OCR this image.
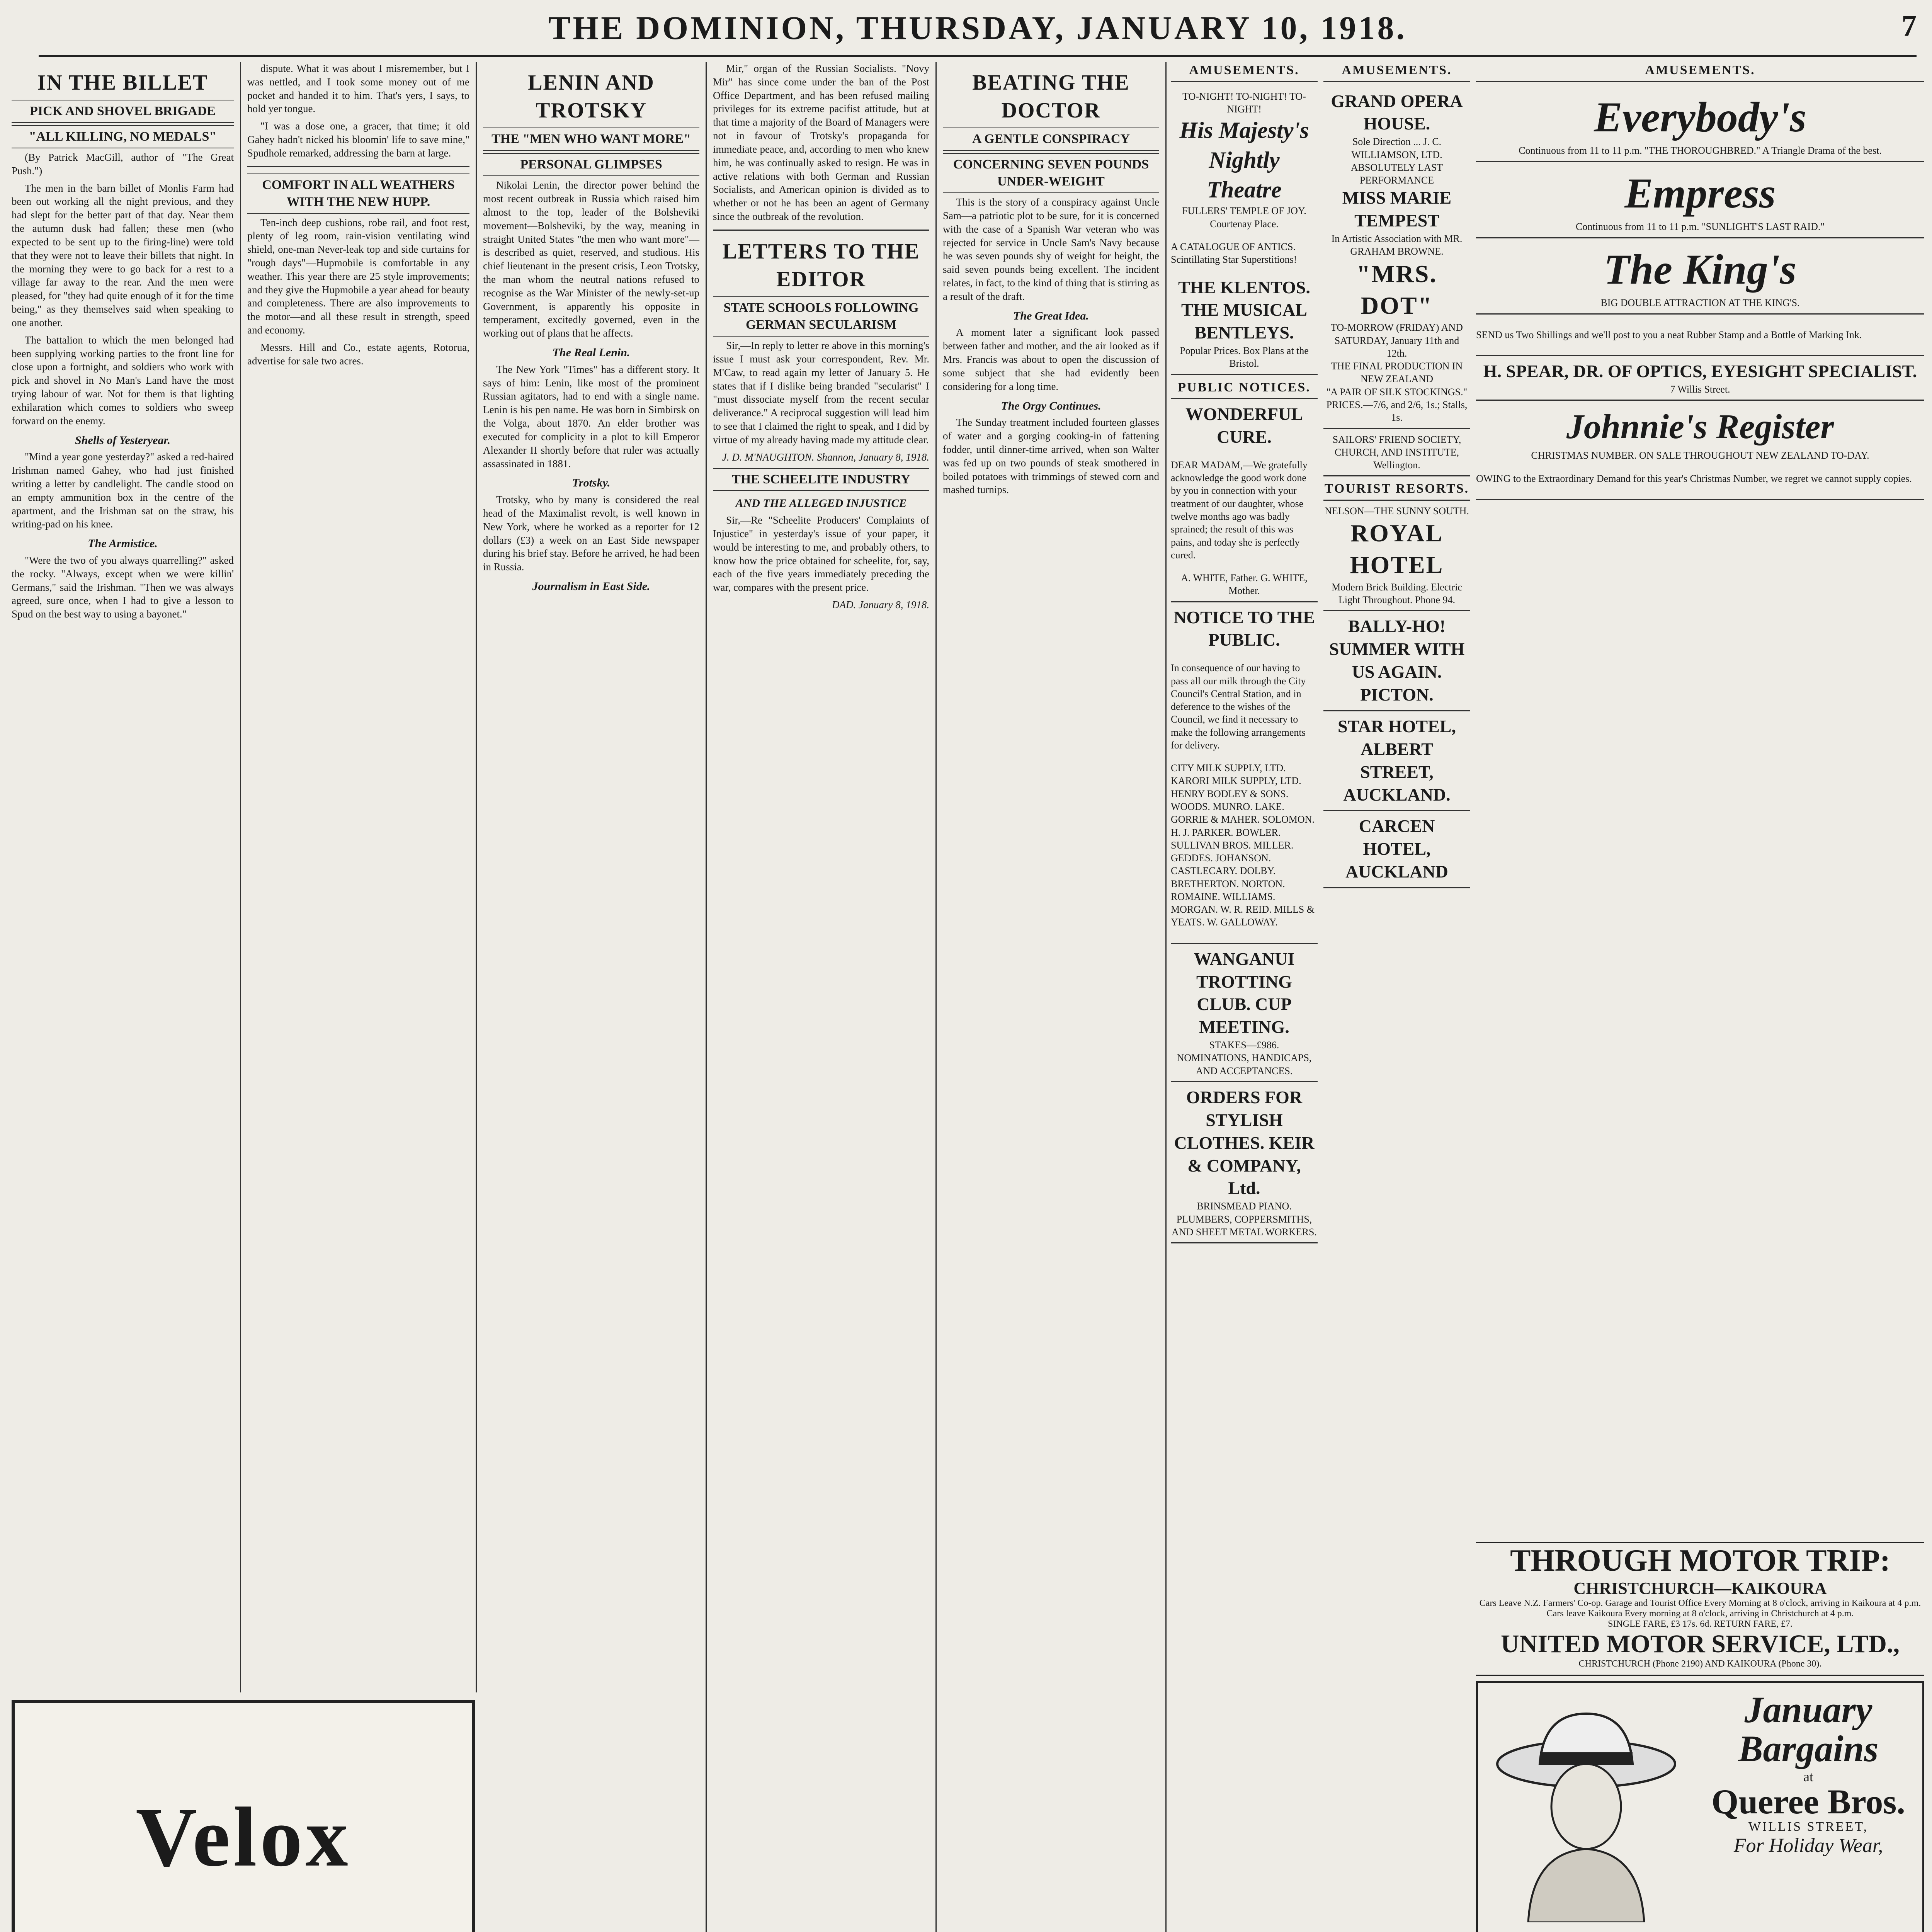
THE DOMINION, THURSDAY, JANUARY 10, 1918.	7
IN THE BILLET
PICK AND SHOVEL BRIGADE
"ALL KILLING, NO MEDALS"

(By Patrick MacGill, author of "The Great Push.")

The men in the barn billet of Monlis Farm had been out working all the night previous, and they had slept for the better part of that day. Near them the autumn dusk had fallen; these men (who expected to be sent up to the firing-line) were told that they were not to leave their billets that night. In the morning they were to go back for a rest to a village far away to the rear. And the men were pleased, for "they had quite enough of it for the time being," as they themselves said when speaking to one another.

The battalion to which the men belonged had been supplying working parties to the front line for close upon a fortnight, and soldiers who work with pick and shovel in No Man's Land have the most trying labour of war. Not for them is that lighting exhilaration which comes to soldiers who sweep forward on the enemy.

Shells of Yesteryear.

"Mind a year gone yesterday?" asked a red-haired Irishman named Gahey, who had just finished writing a letter by candlelight. The candle stood on an empty ammunition box in the centre of the apartment, and the Irishman sat on the straw, his writing-pad on his knee.

The Armistice.

"Were the two of you always quarrelling?" asked the rocky. "Always, except when we were killin' Germans," said the Irishman. "Then we was always agreed, sure once, when I had to give a lesson to Spud on the best way to using a bayonet."

dispute. What it was about I misremember, but I was nettled, and I took some money out of me pocket and handed it to him. That's yers, I says, to hold yer tongue.

"I was a dose one, a gracer, that time; it old Gahey hadn't nicked his bloomin' life to save mine," Spudhole remarked, addressing the barn at large.

COMFORT IN ALL WEATHERS WITH THE NEW HUPP.

Ten-inch deep cushions, robe rail, and foot rest, plenty of leg room, rain-vision ventilating wind shield, one-man Never-leak top and side curtains for "rough days"—Hupmobile is comfortable in any weather. This year there are 25 style improvements; and they give the Hupmobile a year ahead for beauty and completeness. There are also improvements to the motor—and all these result in strength, speed and economy.

Messrs. Hill and Co., estate agents, Rotorua, advertise for sale two acres.

Velox

LENIN AND TROTSKY
THE "MEN WHO WANT MORE"
PERSONAL GLIMPSES

Nikolai Lenin, the director power behind the most recent outbreak in Russia which raised him almost to the top, leader of the Bolsheviki movement—Bolsheviki, by the way, meaning in straight United States "the men who want more"—is described as quiet, reserved, and studious. His chief lieutenant in the present crisis, Leon Trotsky, the man whom the neutral nations refused to recognise as the War Minister of the newly-set-up Government, is apparently his opposite in temperament, excitedly governed, even in the working out of plans that he affects.

The Real Lenin.

The New York "Times" has a different story. It says of him: Lenin, like most of the prominent Russian agitators, had to end with a single name. Lenin is his pen name. He was born in Simbirsk on the Volga, about 1870. An elder brother was executed for complicity in a plot to kill Emperor Alexander II shortly before that ruler was actually assassinated in 1881.

Trotsky.

Trotsky, who by many is considered the real head of the Maximalist revolt, is well known in New York, where he worked as a reporter for 12 dollars (£3) a week on an East Side newspaper during his brief stay. Before he arrived, he had been in Russia.

Journalism in East Side.

Mir," organ of the Russian Socialists. "Novy Mir" has since come under the ban of the Post Office Department, and has been refused mailing privileges for its extreme pacifist attitude, but at that time a majority of the Board of Managers were not in favour of Trotsky's propaganda for immediate peace, and, according to men who knew him, he was continually asked to resign. He was in active relations with both German and Russian Socialists, and American opinion is divided as to whether or not he has been an agent of Germany since the outbreak of the revolution.

LETTERS TO THE EDITOR
STATE SCHOOLS FOLLOWING GERMAN SECULARISM

Sir,—In reply to letter re above in this morning's issue I must ask your correspondent, Rev. Mr. M'Caw, to read again my letter of January 5. He states that if I dislike being branded "secularist" I "must dissociate myself from the recent secular deliverance." A reciprocal suggestion will lead him to see that I claimed the right to speak, and I did by virtue of my already having made my attitude clear.

J. D. M'NAUGHTON. Shannon, January 8, 1918.

THE SCHEELITE INDUSTRY
AND THE ALLEGED INJUSTICE

Sir,—Re "Scheelite Producers' Complaints of Injustice" in yesterday's issue of your paper, it would be interesting to me, and probably others, to know how the price obtained for scheelite, for, say, each of the five years immediately preceding the war, compares with the present price.

DAD. January 8, 1918.

BEATING THE DOCTOR
A GENTLE CONSPIRACY
CONCERNING SEVEN POUNDS UNDER-WEIGHT

This is the story of a conspiracy against Uncle Sam—a patriotic plot to be sure, for it is concerned with the case of a Spanish War veteran who was rejected for service in Uncle Sam's Navy because he was seven pounds shy of weight for height, the said seven pounds being excellent. The incident relates, in fact, to the kind of thing that is stirring as a result of the draft.

The Great Idea.

A moment later a significant look passed between father and mother, and the air looked as if Mrs. Francis was about to open the discussion of some subject that she had evidently been considering for a long time.

The Orgy Continues.

The Sunday treatment included fourteen glasses of water and a gorging cooking-in of fattening fodder, until dinner-time arrived, when son Walter was fed up on two pounds of steak smothered in boiled potatoes with trimmings of stewed corn and mashed turnips.

AMUSEMENTS.
TO-NIGHT! TO-NIGHT! TO-NIGHT!
His Majesty's Nightly Theatre
FULLERS' TEMPLE OF JOY.
Courtenay Place.

A CATALOGUE OF ANTICS. Scintillating Star Superstitions!

THE KLENTOS. THE MUSICAL BENTLEYS.
Popular Prices. Box Plans at the Bristol.
PUBLIC NOTICES.
WONDERFUL CURE.

DEAR MADAM,—We gratefully acknowledge the good work done by you in connection with your treatment of our daughter, whose twelve months ago was badly sprained; the result of this was pains, and today she is perfectly cured.

A. WHITE, Father. G. WHITE, Mother.
NOTICE TO THE PUBLIC.

In consequence of our having to pass all our milk through the City Council's Central Station, and in deference to the wishes of the Council, we find it necessary to make the following arrangements for delivery.

CITY MILK SUPPLY, LTD. KARORI MILK SUPPLY, LTD. HENRY BODLEY & SONS. WOODS. MUNRO. LAKE. GORRIE & MAHER. SOLOMON. H. J. PARKER. BOWLER. SULLIVAN BROS. MILLER. GEDDES. JOHANSON. CASTLECARY. DOLBY. BRETHERTON. NORTON. ROMAINE. WILLIAMS. MORGAN. W. R. REID. MILLS & YEATS. W. GALLOWAY.

WANGANUI TROTTING CLUB. CUP MEETING.
STAKES—£986.
NOMINATIONS, HANDICAPS, AND ACCEPTANCES.
ORDERS FOR STYLISH CLOTHES. KEIR & COMPANY, Ltd.
BRINSMEAD PIANO.
PLUMBERS, COPPERSMITHS, AND SHEET METAL WORKERS.
AMUSEMENTS.
GRAND OPERA HOUSE.
Sole Direction ... J. C. WILLIAMSON, LTD.
ABSOLUTELY LAST PERFORMANCE
MISS MARIE TEMPEST
In Artistic Association with MR. GRAHAM BROWNE.
"MRS. DOT"
TO-MORROW (FRIDAY) AND SATURDAY, January 11th and 12th.
THE FINAL PRODUCTION IN NEW ZEALAND
"A PAIR OF SILK STOCKINGS."
PRICES.—7/6, and 2/6, 1s.; Stalls, 1s.
SAILORS' FRIEND SOCIETY, CHURCH, AND INSTITUTE, Wellington.
TOURIST RESORTS.
NELSON—THE SUNNY SOUTH.
ROYAL HOTEL
Modern Brick Building. Electric Light Throughout. Phone 94.
BALLY-HO! SUMMER WITH US AGAIN.
PICTON.
STAR HOTEL, ALBERT STREET, AUCKLAND.
CARCEN HOTEL, AUCKLAND
AMUSEMENTS.
Everybody's
Continuous from 11 to 11 p.m. "THE THOROUGHBRED." A Triangle Drama of the best.
Empress
Continuous from 11 to 11 p.m. "SUNLIGHT'S LAST RAID."
The King's
BIG DOUBLE ATTRACTION AT THE KING'S.

SEND us Two Shillings and we'll post to you a neat Rubber Stamp and a Bottle of Marking Ink.

H. SPEAR, DR. OF OPTICS, EYESIGHT SPECIALIST.
7 Willis Street.
Johnnie's Register
CHRISTMAS NUMBER. ON SALE THROUGHOUT NEW ZEALAND TO-DAY.

OWING to the Extraordinary Demand for this year's Christmas Number, we regret we cannot supply copies.

THROUGH MOTOR TRIP:
CHRISTCHURCH—KAIKOURA
Cars Leave N.Z. Farmers' Co-op. Garage and Tourist Office Every Morning at 8 o'clock, arriving in Kaikoura at 4 p.m. Cars leave Kaikoura Every morning at 8 o'clock, arriving in Christchurch at 4 p.m.
SINGLE FARE, £3 17s. 6d. RETURN FARE, £7.
UNITED MOTOR SERVICE, LTD.,
CHRISTCHURCH (Phone 2190) AND KAIKOURA (Phone 30).
January
Bargains
at
Queree Bros.
WILLIS STREET,
For Holiday Wear,
